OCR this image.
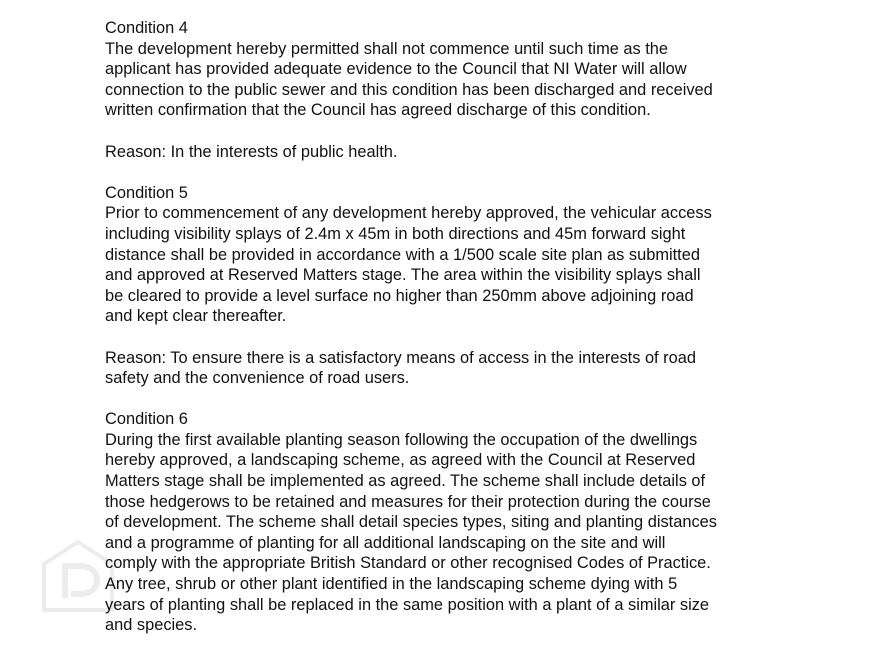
Condition 4
The development hereby permitted shall not commence until such time as the
applicant has provided adequate evidence to the Council that NI Water will allow
connection to the public sewer and this condition has been discharged and received
written confirmation that the Council has agreed discharge of this condition.
Reason: In the interests of public health.
Condition 5
Prior to commencement of any development hereby approved, the vehicular access
including visibility splays of 2.4m x 45m in both directions and 45m forward sight
distance shall be provided in accordance with a 1/500 scale site plan as submitted
and approved at Reserved Matters stage. The area within the visibility splays shall
be cleared to provide a level surface no higher than 250mm above adjoining road
and kept clear thereafter.
Reason: To ensure there is a satisfactory means of access in the interests of road
safety and the convenience of road users.
Condition 6
During the first available planting season following the occupation of the dwellings
hereby approved, a landscaping scheme, as agreed with the Council at Reserved
Matters stage shall be implemented as agreed. The scheme shall include details of
those hedgerows to be retained and measures for their protection during the course
of development. The scheme shall detail species types, siting and planting distances
and a programme of planting for all additional landscaping on the site and will
comply with the appropriate British Standard or other recognised Codes of Practice.
Any tree, shrub or other plant identified in the landscaping scheme dying with 5
years of planting shall be replaced in the same position with a plant of a similar size
and species.
